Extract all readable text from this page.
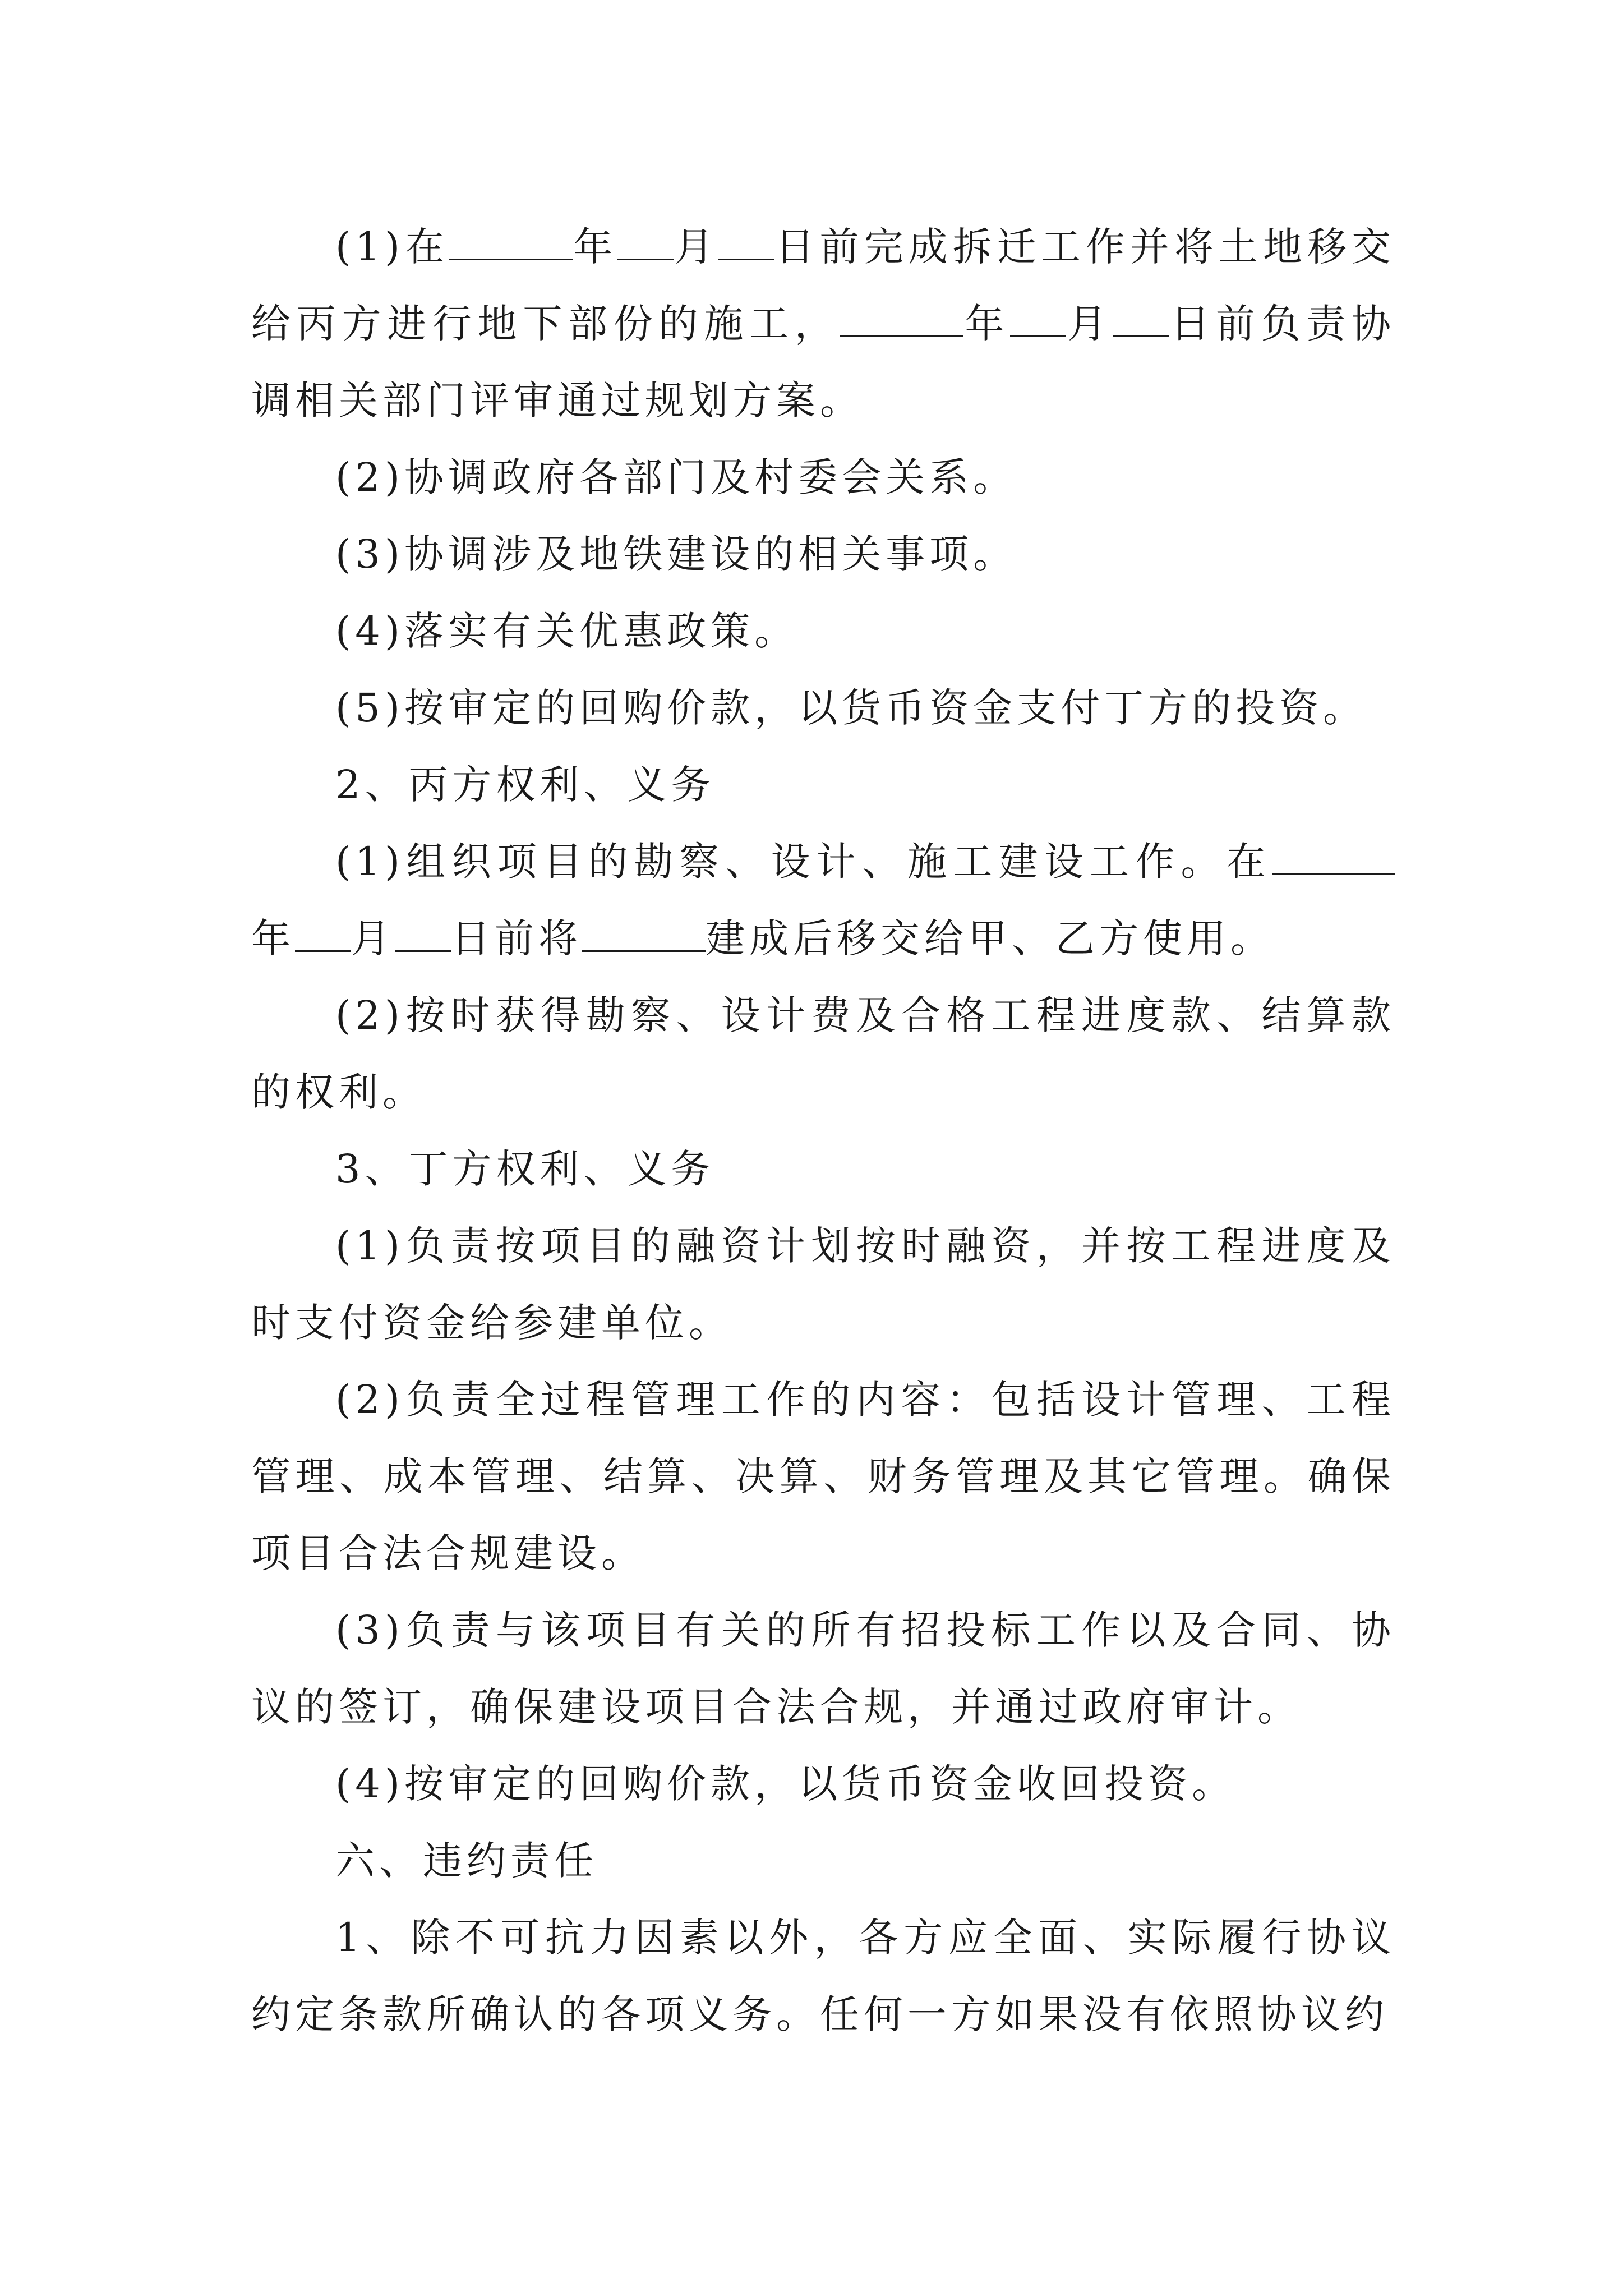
(1)在	年 月 日前完成拆迁工作并将土地移交给丙方进行地下部份的施工，	年 月 日前负责协调相关部门评审通过规划方案。

(2)协调政府各部门及村委会关系。

(3)协调涉及地铁建设的相关事项。

(4)落实有关优惠政策。

(5)按审定的回购价款，以货币资金支付丁方的投资。

2、丙方权利、义务

(1)组织项目的勘察、设计、施工建设工作。在年 月 日前将	建成后移交给甲、乙方使用。

(2)按时获得勘察、设计费及合格工程进度款、结算款的权利。

3、丁方权利、义务

(1)负责按项目的融资计划按时融资，并按工程进度及时支付资金给参建单位。

(2)负责全过程管理工作的内容：包括设计管理、工程管理、成本管理、结算、决算、财务管理及其它管理。确保项目合法合规建设。

(3)负责与该项目有关的所有招投标工作以及合同、协议的签订，确保建设项目合法合规，并通过政府审计。

(4)按审定的回购价款，以货币资金收回投资。

六、违约责任

1、除不可抗力因素以外，各方应全面、实际履行协议约定条款所确认的各项义务。任何一方如果没有依照协议约
